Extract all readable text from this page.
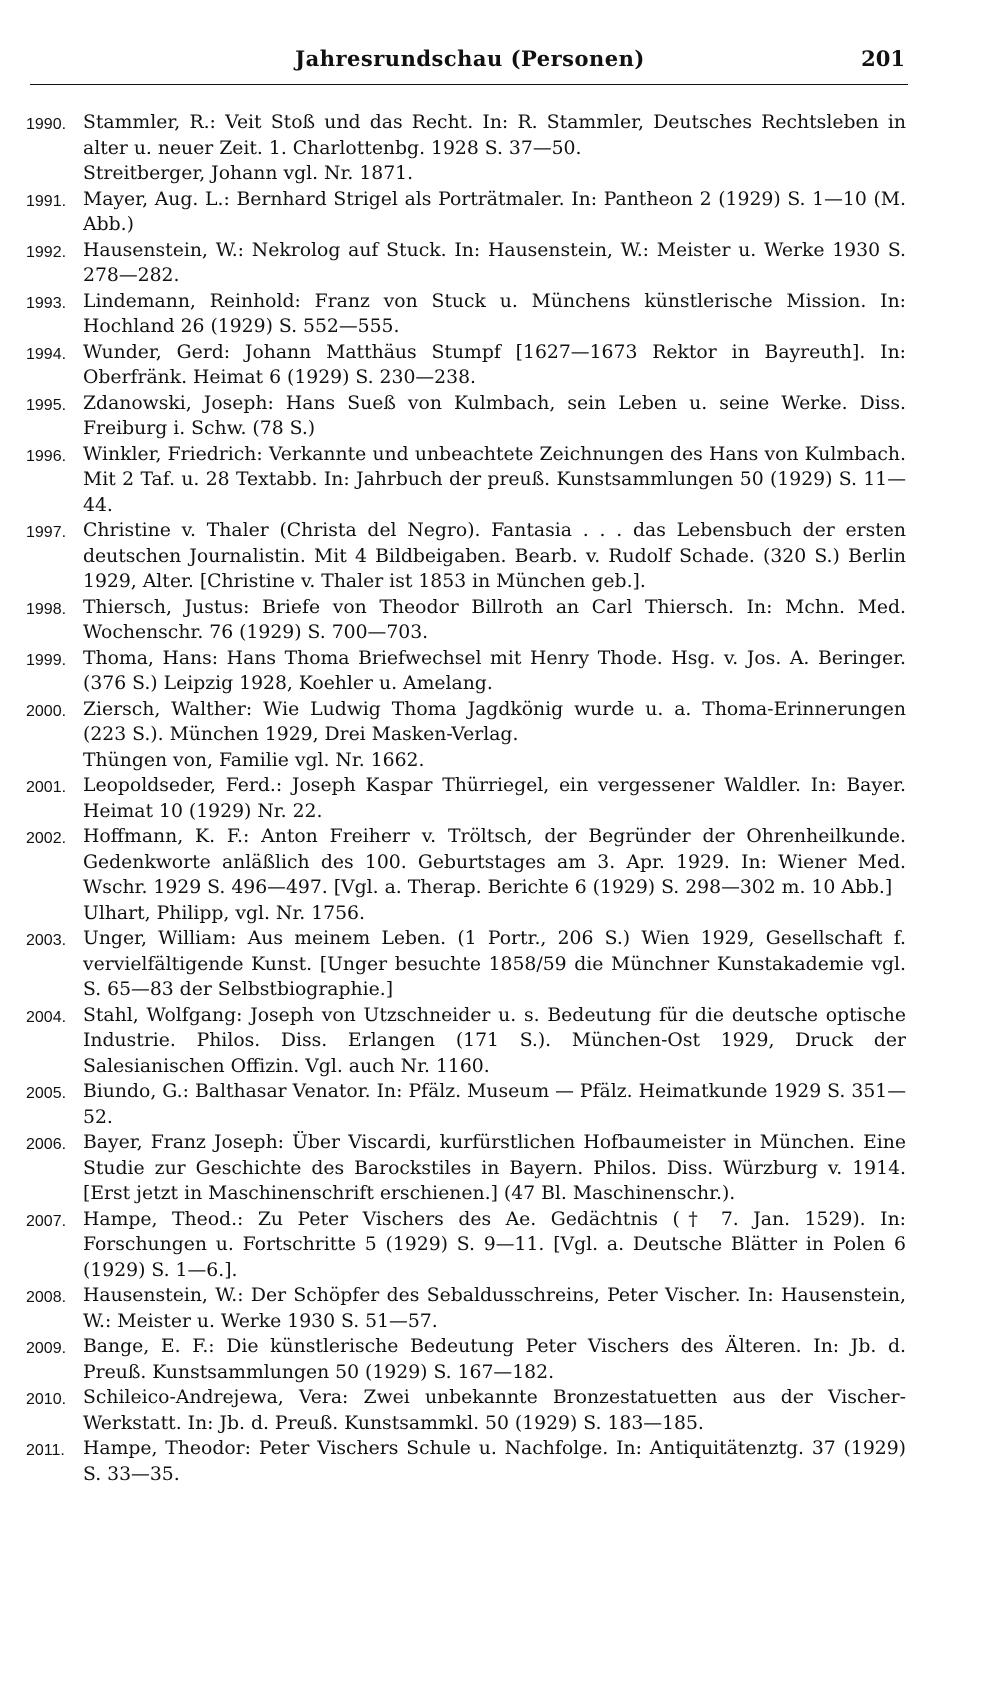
Jahresrundschau (Personen)	201

1990. Stammler, R.: Veit Stoß und das Recht. In: R. Stammler, Deutsches Rechtsleben in alter u. neuer Zeit. 1. Charlottenbg. 1928 S. 37—50.

Streitberger, Johann vgl. Nr. 1871.

1991. Mayer, Aug. L.: Bernhard Strigel als Porträtmaler. In: Pantheon 2 (1929) S. 1—10 (M. Abb.)

1992. Hausenstein, W.: Nekrolog auf Stuck. In: Hausenstein, W.: Meister u. Werke 1930 S. 278—282.

1993. Lindemann, Reinhold: Franz von Stuck u. Münchens künstlerische Mission. In: Hochland 26 (1929) S. 552—555.

1994. Wunder, Gerd: Johann Matthäus Stumpf [1627—1673 Rektor in Bayreuth]. In: Oberfränk. Heimat 6 (1929) S. 230—238.

1995. Zdanowski, Joseph: Hans Sueß von Kulmbach, sein Leben u. seine Werke. Diss. Freiburg i. Schw. (78 S.)

1996. Winkler, Friedrich: Verkannte und unbeachtete Zeichnungen des Hans von Kulmbach. Mit 2 Taf. u. 28 Textabb. In: Jahrbuch der preuß. Kunstsammlungen 50 (1929) S. 11—44.

1997. Christine v. Thaler (Christa del Negro). Fantasia . . . das Lebensbuch der ersten deutschen Journalistin. Mit 4 Bildbeigaben. Bearb. v. Rudolf Schade. (320 S.) Berlin 1929, Alter. [Christine v. Thaler ist 1853 in München geb.].

1998. Thiersch, Justus: Briefe von Theodor Billroth an Carl Thiersch. In: Mchn. Med. Wochenschr. 76 (1929) S. 700—703.

1999. Thoma, Hans: Hans Thoma Briefwechsel mit Henry Thode. Hsg. v. Jos. A. Beringer. (376 S.) Leipzig 1928, Koehler u. Amelang.

2000. Ziersch, Walther: Wie Ludwig Thoma Jagdkönig wurde u. a. Thoma-Erinnerungen (223 S.). München 1929, Drei Masken-Verlag.

Thüngen von, Familie vgl. Nr. 1662.

2001. Leopoldseder, Ferd.: Joseph Kaspar Thürriegel, ein vergessener Waldler. In: Bayer. Heimat 10 (1929) Nr. 22.

2002. Hoffmann, K. F.: Anton Freiherr v. Tröltsch, der Begründer der Ohrenheilkunde. Gedenkworte anläßlich des 100. Geburtstages am 3. Apr. 1929. In: Wiener Med. Wschr. 1929 S. 496—497. [Vgl. a. Therap. Berichte 6 (1929) S. 298—302 m. 10 Abb.]

Ulhart, Philipp, vgl. Nr. 1756.

2003. Unger, William: Aus meinem Leben. (1 Portr., 206 S.) Wien 1929, Gesellschaft f. vervielfältigende Kunst. [Unger besuchte 1858/59 die Münchner Kunstakademie vgl. S. 65—83 der Selbstbiographie.]

2004. Stahl, Wolfgang: Joseph von Utzschneider u. s. Bedeutung für die deutsche optische Industrie. Philos. Diss. Erlangen (171 S.). München-Ost 1929, Druck der Salesianischen Offizin. Vgl. auch Nr. 1160.

2005. Biundo, G.: Balthasar Venator. In: Pfälz. Museum — Pfälz. Heimatkunde 1929 S. 351—52.

2006. Bayer, Franz Joseph: Über Viscardi, kurfürstlichen Hofbaumeister in München. Eine Studie zur Geschichte des Barockstiles in Bayern. Philos. Diss. Würzburg v. 1914. [Erst jetzt in Maschinenschrift erschienen.] (47 Bl. Maschinenschr.).

2007. Hampe, Theod.: Zu Peter Vischers des Ae. Gedächtnis († 7. Jan. 1529). In: Forschungen u. Fortschritte 5 (1929) S. 9—11. [Vgl. a. Deutsche Blätter in Polen 6 (1929) S. 1—6.].

2008. Hausenstein, W.: Der Schöpfer des Sebaldusschreins, Peter Vischer. In: Hausenstein, W.: Meister u. Werke 1930 S. 51—57.

2009. Bange, E. F.: Die künstlerische Bedeutung Peter Vischers des Älteren. In: Jb. d. Preuß. Kunstsammlungen 50 (1929) S. 167—182.

2010. Schileico-Andrejewa, Vera: Zwei unbekannte Bronzestatuetten aus der Vischer-Werkstatt. In: Jb. d. Preuß. Kunstsammkl. 50 (1929) S. 183—185.

2011. Hampe, Theodor: Peter Vischers Schule u. Nachfolge. In: Antiquitätenztg. 37 (1929) S. 33—35.
